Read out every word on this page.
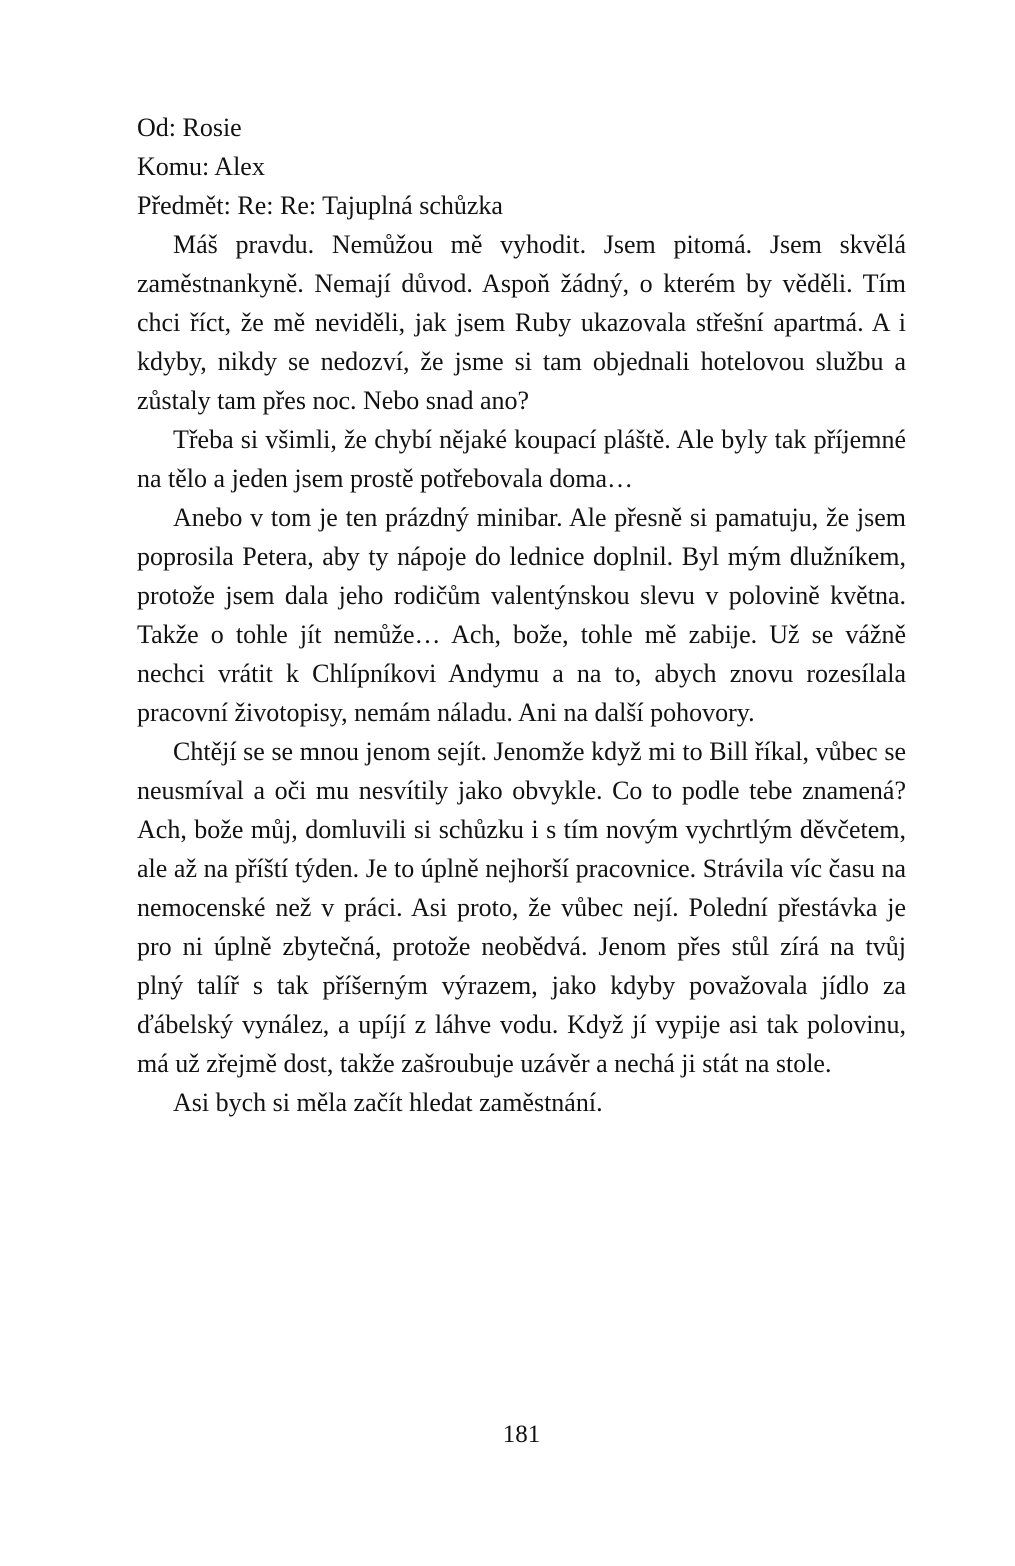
Od: Rosie

Komu: Alex

Předmět: Re: Re: Tajuplná schůzka

Máš pravdu. Nemůžou mě vyhodit. Jsem pitomá. Jsem skvělá zaměstnankyně. Nemají důvod. Aspoň žádný, o kterém by věděli. Tím chci říct, že mě neviděli, jak jsem Ruby ukazovala střešní apartmá. A i kdyby, nikdy se nedozví, že jsme si tam objednali hotelovou službu a zůstaly tam přes noc. Nebo snad ano?

Třeba si všimli, že chybí nějaké koupací pláště. Ale byly tak příjemné na tělo a jeden jsem prostě potřebovala doma…

Anebo v tom je ten prázdný minibar. Ale přesně si pamatuju, že jsem poprosila Petera, aby ty nápoje do lednice doplnil. Byl mým dlužníkem, protože jsem dala jeho rodičům valentýnskou slevu v polovině května. Takže o tohle jít nemůže… Ach, bože, tohle mě zabije. Už se vážně nechci vrátit k Chlípníkovi Andymu a na to, abych znovu rozesílala pracovní životopisy, nemám náladu. Ani na další pohovory.

Chtějí se se mnou jenom sejít. Jenomže když mi to Bill říkal, vůbec se neusmíval a oči mu nesvítily jako obvykle. Co to podle tebe znamená? Ach, bože můj, domluvili si schůzku i s tím novým vychrtlým děvčetem, ale až na příští týden. Je to úplně nejhorší pracovnice. Strávila víc času na nemocenské než v práci. Asi proto, že vůbec nejí. Polední přestávka je pro ni úplně zbytečná, protože neobědvá. Jenom přes stůl zírá na tvůj plný talíř s tak příšerným výrazem, jako kdyby považovala jídlo za ďábelský vynález, a upíjí z láhve vodu. Když jí vypije asi tak polovinu, má už zřejmě dost, takže zašroubuje uzávěr a nechá ji stát na stole.

Asi bych si měla začít hledat zaměstnání.

181
